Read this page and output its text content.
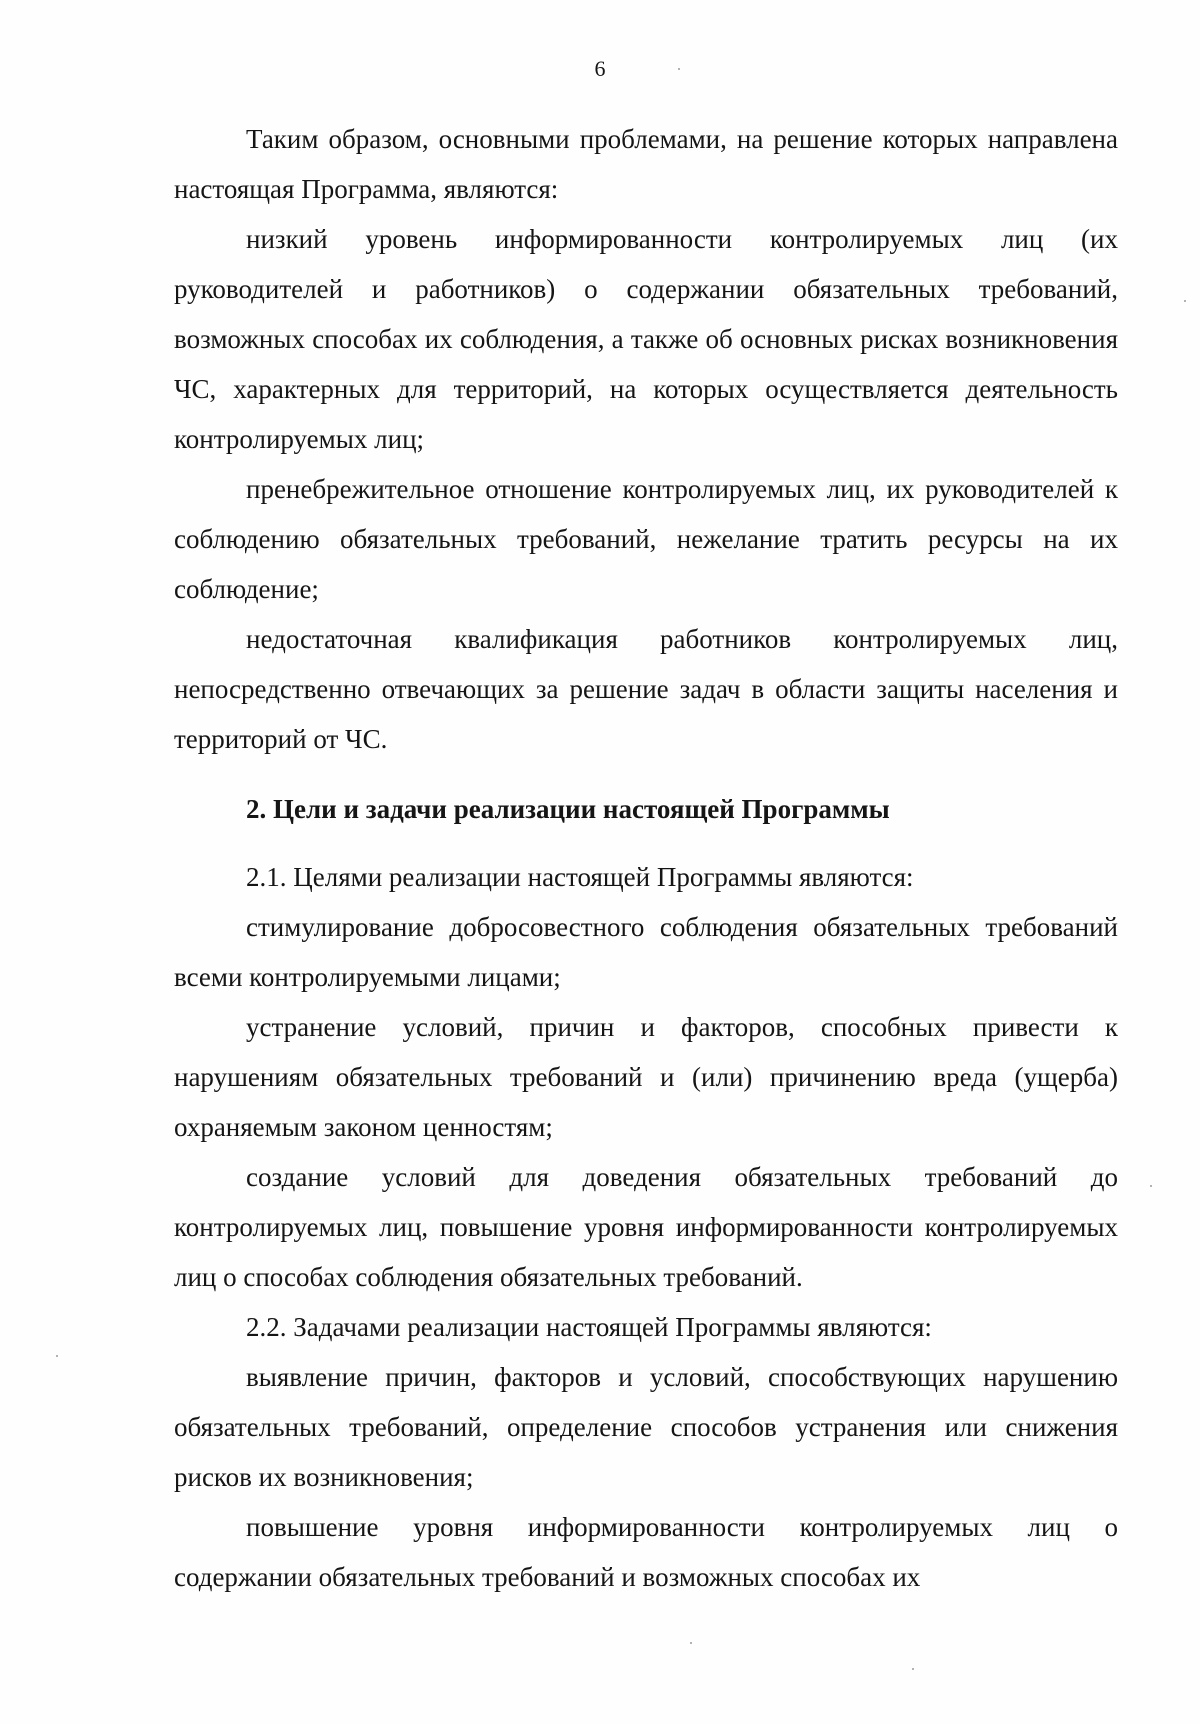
6

Таким образом, основными проблемами, на решение которых направлена настоящая Программа, являются:

низкий уровень информированности контролируемых лиц (их руководителей и работников) о содержании обязательных требований, возможных способах их соблюдения, а также об основных рисках возникновения ЧС, характерных для территорий, на которых осуществляется деятельность контролируемых лиц;

пренебрежительное отношение контролируемых лиц, их руководителей к соблюдению обязательных требований, нежелание тратить ресурсы на их соблюдение;

недостаточная квалификация работников контролируемых лиц, непосредственно отвечающих за решение задач в области защиты населения и территорий от ЧС.

2. Цели и задачи реализации настоящей Программы

2.1. Целями реализации настоящей Программы являются:

стимулирование добросовестного соблюдения обязательных требований всеми контролируемыми лицами;

устранение условий, причин и факторов, способных привести к нарушениям обязательных требований и (или) причинению вреда (ущерба) охраняемым законом ценностям;

создание условий для доведения обязательных требований до контролируемых лиц, повышение уровня информированности контролируемых лиц о способах соблюдения обязательных требований.

2.2. Задачами реализации настоящей Программы являются:

выявление причин, факторов и условий, способствующих нарушению обязательных требований, определение способов устранения или снижения рисков их возникновения;

повышение уровня информированности контролируемых лиц о содержании обязательных требований и возможных способах их
